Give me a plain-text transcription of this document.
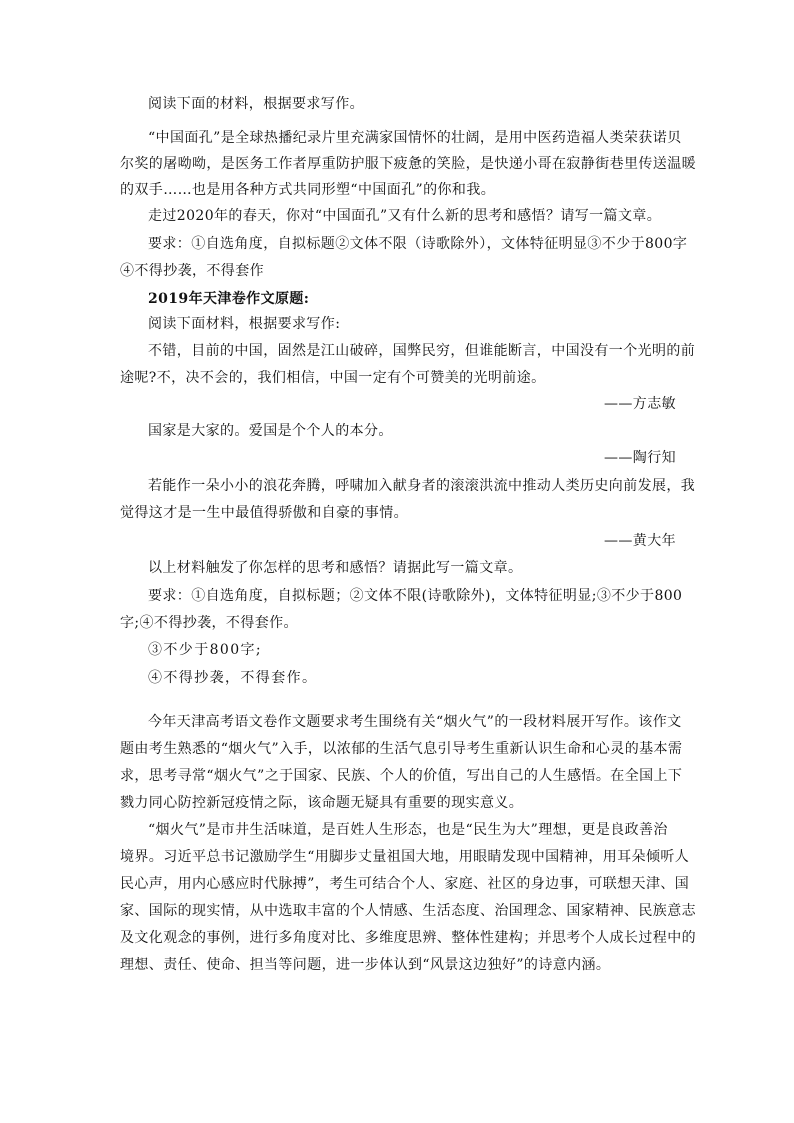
阅读下面的材料，根据要求写作。
“中国面孔”是全球热播纪录片里充满家国情怀的壮阔，是用中医药造福人类荣获诺贝
尔奖的屠呦呦，是医务工作者厚重防护服下疲惫的笑脸，是快递小哥在寂静街巷里传送温暖
的双手……也是用各种方式共同形塑“中国面孔”的你和我。
走过2020年的春天，你对“中国面孔”又有什么新的思考和感悟？请写一篇文章。
要求：①自选角度，自拟标题②文体不限（诗歌除外），文体特征明显③不少于800字
④不得抄袭，不得套作
2019年天津卷作文原题:
阅读下面材料，根据要求写作:
不错，目前的中国，固然是江山破碎，国弊民穷，但谁能断言，中国没有一个光明的前
途呢?不，决不会的，我们相信，中国一定有个可赞美的光明前途。
——方志敏
国家是大家的。爱国是个个人的本分。
——陶行知
若能作一朵小小的浪花奔腾，呼啸加入献身者的滚滚洪流中推动人类历史向前发展，我
觉得这才是一生中最值得骄傲和自豪的事情。
——黄大年
以上材料触发了你怎样的思考和感悟？请据此写一篇文章。
要求：①自选角度，自拟标题；②文体不限(诗歌除外)，文体特征明显;③不少于800
字;④不得抄袭，不得套作。
③不少于800字;
④不得抄袭，不得套作。
今年天津高考语文卷作文题要求考生围绕有关“烟火气”的一段材料展开写作。该作文
题由考生熟悉的“烟火气”入手，以浓郁的生活气息引导考生重新认识生命和心灵的基本需
求，思考寻常“烟火气”之于国家、民族、个人的价值，写出自己的人生感悟。在全国上下
戮力同心防控新冠疫情之际，该命题无疑具有重要的现实意义。
“烟火气”是市井生活味道，是百姓人生形态，也是“民生为大”理想，更是良政善治
境界。习近平总书记激励学生“用脚步丈量祖国大地，用眼睛发现中国精神，用耳朵倾听人
民心声，用内心感应时代脉搏”，考生可结合个人、家庭、社区的身边事，可联想天津、国
家、国际的现实情，从中选取丰富的个人情感、生活态度、治国理念、国家精神、民族意志
及文化观念的事例，进行多角度对比、多维度思辨、整体性建构；并思考个人成长过程中的
理想、责任、使命、担当等问题，进一步体认到“风景这边独好”的诗意内涵。
